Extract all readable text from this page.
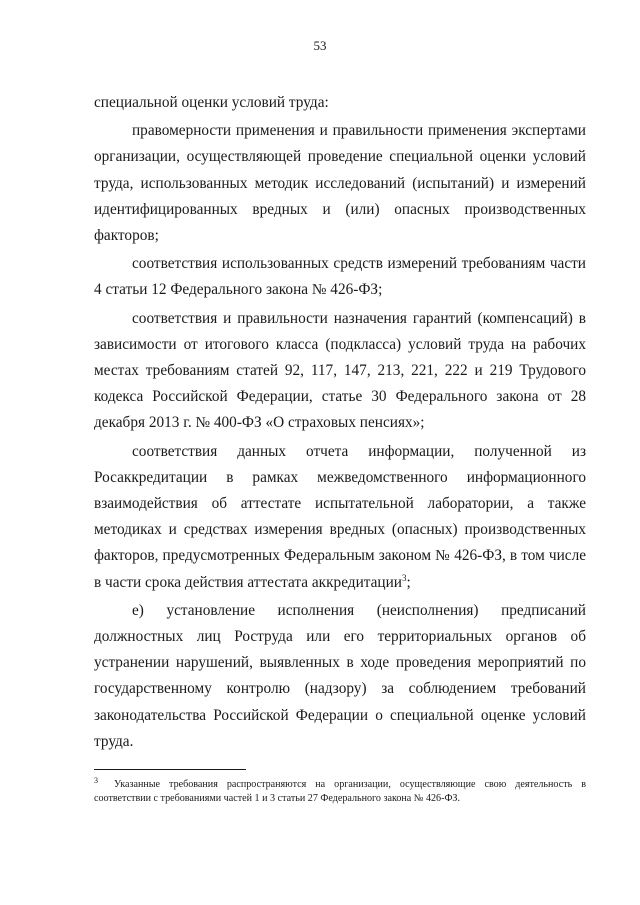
53

специальной оценки условий труда:

правомерности применения и правильности применения экспертами организации, осуществляющей проведение специальной оценки условий труда, использованных методик исследований (испытаний) и измерений идентифицированных вредных и (или) опасных производственных факторов;

соответствия использованных средств измерений требованиям части 4 статьи 12 Федерального закона № 426-ФЗ;

соответствия и правильности назначения гарантий (компенсаций) в зависимости от итогового класса (подкласса) условий труда на рабочих местах требованиям статей 92, 117, 147, 213, 221, 222 и 219 Трудового кодекса Российской Федерации, статье 30 Федерального закона от 28 декабря 2013 г. № 400-ФЗ «О страховых пенсиях»;

соответствия данных отчета информации, полученной из Росаккредитации в рамках межведомственного информационного взаимодействия об аттестате испытательной лаборатории, а также методиках и средствах измерения вредных (опасных) производственных факторов, предусмотренных Федеральным законом № 426-ФЗ, в том числе в части срока действия аттестата аккредитации$^3$;

е) установление исполнения (неисполнения) предписаний должностных лиц Роструда или его территориальных органов об устранении нарушений, выявленных в ходе проведения мероприятий по государственному контролю (надзору) за соблюдением требований законодательства Российской Федерации о специальной оценке условий труда.

$^3$ Указанные требования распространяются на организации, осуществляющие свою деятельность в соответствии с требованиями частей 1 и 3 статьи 27 Федерального закона № 426-ФЗ.
